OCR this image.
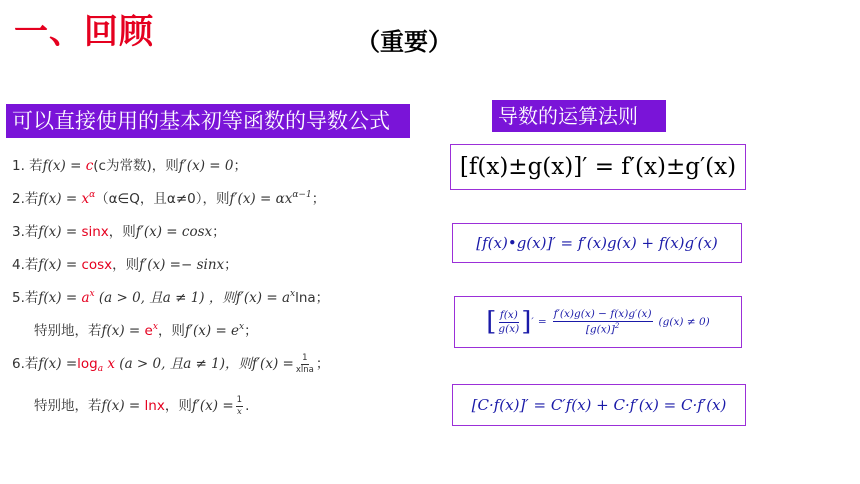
一、回顾	（重要）
可以直接使用的基本初等函数的导数公式	导数的运算法则
1. 若f(x) = c(c为常数)，则f′(x) = 0；
2.若$f(x) = x^\alpha(\alpha\in Q$，且α≠0），则$f'(x) = \alpha x^{\alpha-1}$；
3.若f(x) = sinx，则f′(x) = cosx；
4.若f(x) = cosx，则f′(x) =− sinx；
5.若$f(x) = a^x$ (a > 0, 且a ≠ 1) ，则$f'(x) = a^x\ln a$；
特别地，若$f(x) = e^x$，则$f'(x) = e^x$；
6.若$f(x) =\log_a$ x (a > 0, 且a ≠ 1)，则$f'(x) = \frac{1}{xlna}$ ；
特别地，若f(x) = lnx，则$f'(x) = \frac{1}{x}$ .
[f(x)±g(x)]′ = f′(x)±g′(x)
[f(x)•g(x)]′ = f′(x)g(x) + f(x)g′(x)
[ $\frac{f(x)}{g(x)}$ ] ′ = $\frac{f'(x)g(x) - f(x)g'(x)}{[g(x)]^2} (g(x) \ne 0)$
[C·f(x)]′ = C′f(x) + C·f′(x) = C·f′(x)
